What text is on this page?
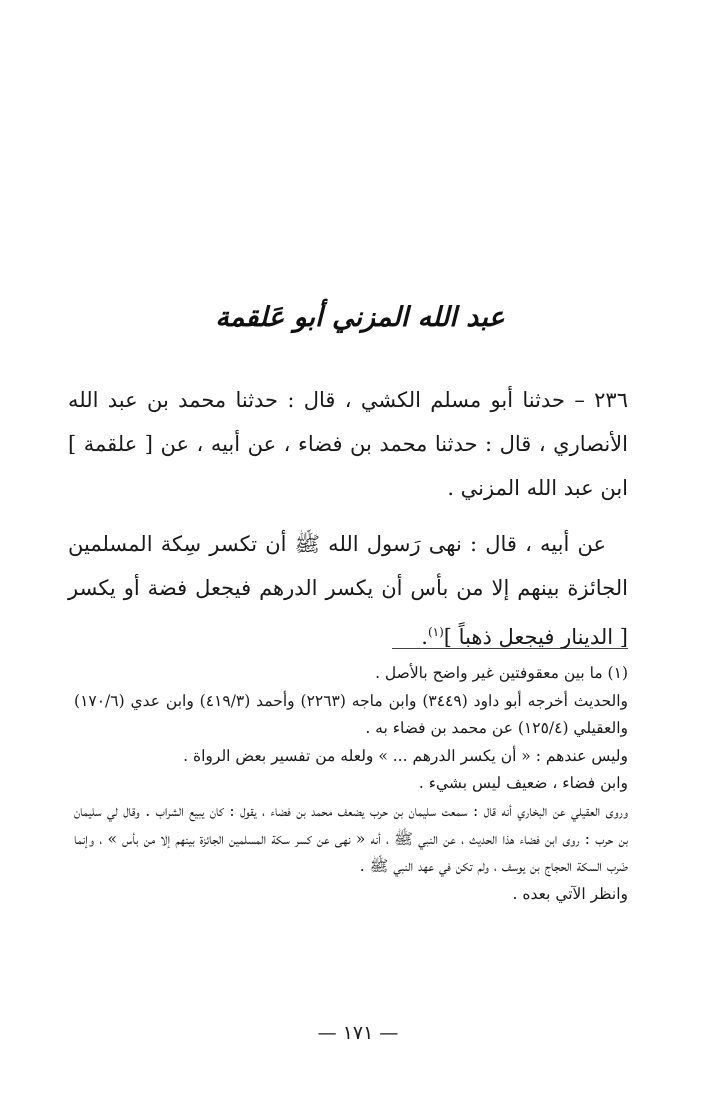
عبد الله المزني أبو عَلقمة

٢٣٦ – حدثنا أبو مسلم الكشي ، قال : حدثنا محمد بن عبد الله الأنصاري ، قال : حدثنا محمد بن فضاء ، عن أبيه ، عن [ علقمة ] ابن عبد الله المزني .

عن أبيه ، قال : نهى رَسول الله ﷺ أن تكسر سِكة المسلمين الجائزة بينهم إلا من بأس أن يكسر الدرهم فيجعل فضة أو يكسر [ الدينار فيجعل ذهباً ]$^{(١)}$.

(١) ما بين معقوفتين غير واضح بالأصل .

والحديث أخرجه أبو داود (٣٤٤٩) وابن ماجه (٢٢٦٣) وأحمد (٤١٩/٣) وابن عدي (١٧٠/٦) والعقيلي (١٢٥/٤) عن محمد بن فضاء به .

وليس عندهم : « أن يكسر الدرهم ... » ولعله من تفسير بعض الرواة .

وابن فضاء ، ضعيف ليس بشيء .

وروى العقيلي عن البخاري أنه قال : سمعت سليمان بن حرب يضعف محمد بن فضاء ، يقول : كان يبيع الشراب . وقال لي سليمان بن حرب : روى ابن فضاء هذا الحديث ، عن النبي ﷺ ، أنه « نهى عن كسر سكة المسلمين الجائزة بينهم إلا من بأس » ، وإنما ضَرب السكة الحجاج بن يوسف ، ولم تكن في عهد النبي ﷺ .

وانظر الآتي بعده .

— ١٧١ —
